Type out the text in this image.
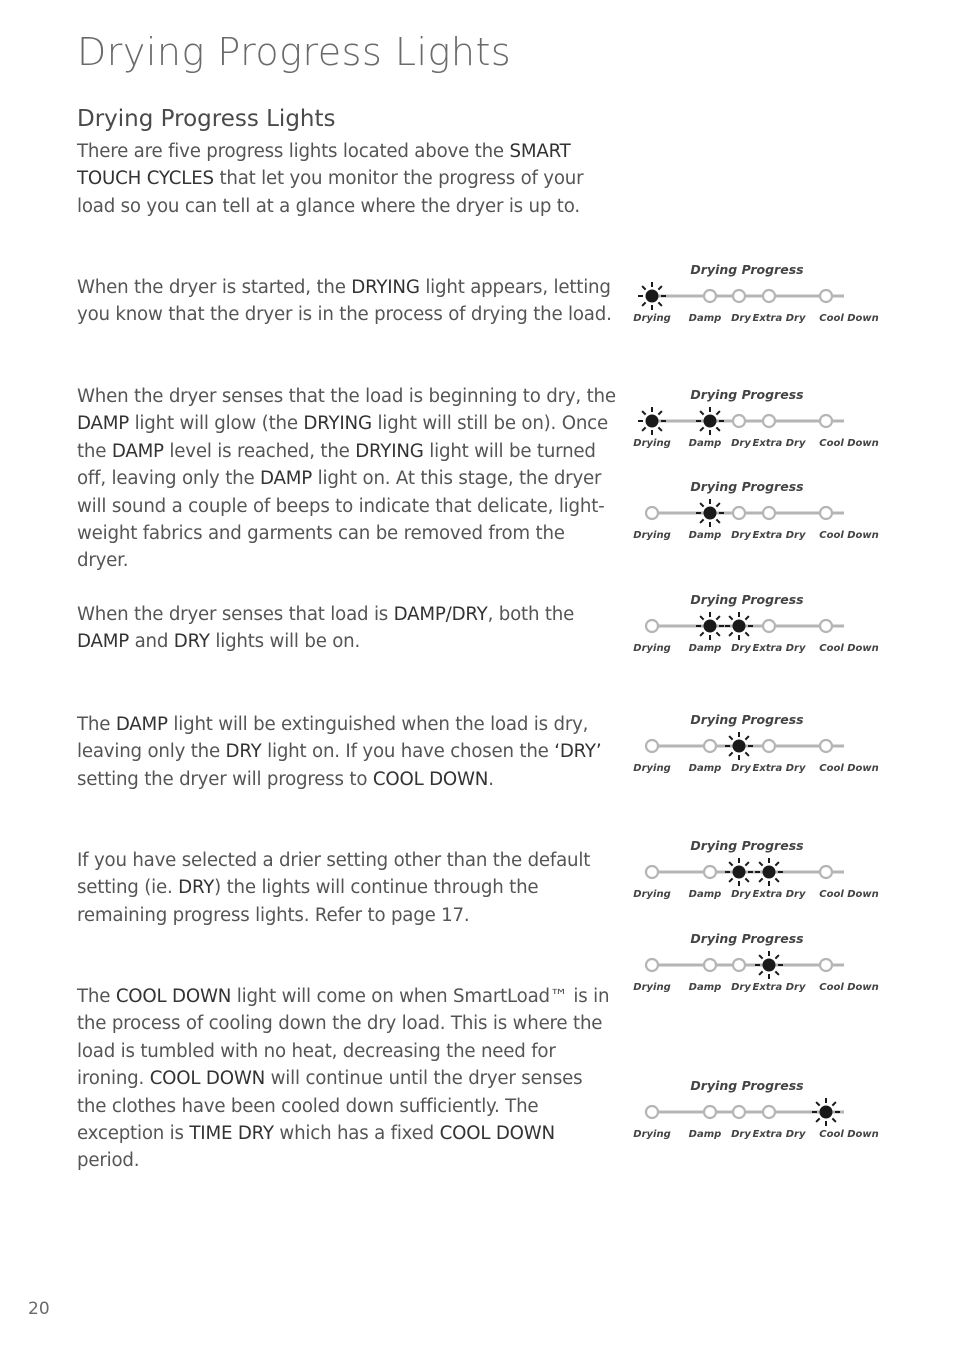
Drying Progress Lights
Drying Progress Lights

There are five progress lights located above the SMART TOUCH CYCLES that let you monitor the progress of your load so you can tell at a glance where the dryer is up to.

When the dryer is started, the DRYING light appears, letting you know that the dryer is in the process of drying the load.

When the dryer senses that the load is beginning to dry, the DAMP light will glow (the DRYING light will still be on). Once the DAMP level is reached, the DRYING light will be turned off, leaving only the DAMP light on. At this stage, the dryer will sound a couple of beeps to indicate that delicate, light-weight fabrics and garments can be removed from the dryer.

When the dryer senses that load is DAMP/DRY, both the DAMP and DRY lights will be on.

The DAMP light will be extinguished when the load is dry, leaving only the DRY light on. If you have chosen the ‘DRY’ setting the dryer will progress to COOL DOWN.

If you have selected a drier setting other than the default setting (ie. DRY) the lights will continue through the remaining progress lights. Refer to page 17.

The COOL DOWN light will come on when SmartLoad™ is in the process of cooling down the dry load. This is where the load is tumbled with no heat, decreasing the need for ironing. COOL DOWN will continue until the dryer senses the clothes have been cooled down sufficiently. The exception is TIME DRY which has a fixed COOL DOWN period.

Drying Progress
Drying Damp Dry Extra Dry Cool Down
Drying Progress
Drying Damp Dry Extra Dry Cool Down
Drying Progress
Drying Damp Dry Extra Dry Cool Down
Drying Progress
Drying Damp Dry Extra Dry Cool Down
Drying Progress
Drying Damp Dry Extra Dry Cool Down
Drying Progress
Drying Damp Dry Extra Dry Cool Down
Drying Progress
Drying Damp Dry Extra Dry Cool Down
Drying Progress
Drying Damp Dry Extra Dry Cool Down
20
